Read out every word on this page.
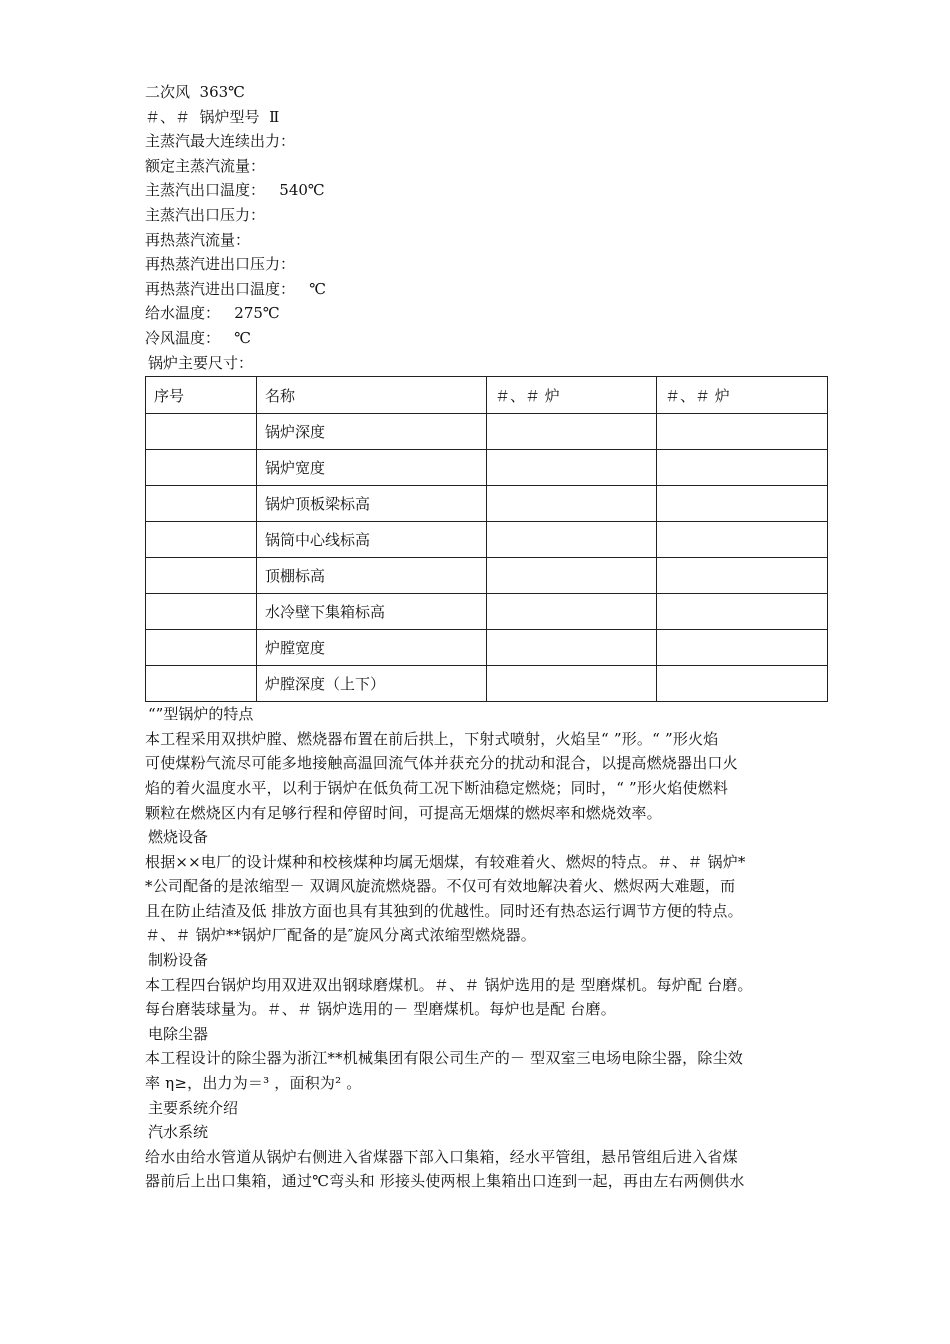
二次风  363℃
＃、＃  锅炉型号  Ⅱ
主蒸汽最大连续出力：
额定主蒸汽流量：
主蒸汽出口温度：   540℃
主蒸汽出口压力：
再热蒸汽流量：
再热蒸汽进出口压力：
再热蒸汽进出口温度：   ℃
给水温度：   275℃
冷风温度：   ℃
锅炉主要尺寸：
序号	名称	＃、＃ 炉	＃、＃ 炉
	锅炉深度		
	锅炉宽度		
	锅炉顶板梁标高		
	锅筒中心线标高		
	顶棚标高		
	水冷壁下集箱标高		
	炉膛宽度		
	炉膛深度（上下）		
“”型锅炉的特点
本工程采用双拱炉膛、燃烧器布置在前后拱上，下射式喷射，火焰呈“ ”形。“ ”形火焰
可使煤粉气流尽可能多地接触高温回流气体并获充分的扰动和混合，以提高燃烧器出口火
焰的着火温度水平，以利于锅炉在低负荷工况下断油稳定燃烧；同时，“ ”形火焰使燃料
颗粒在燃烧区内有足够行程和停留时间，可提高无烟煤的燃烬率和燃烧效率。
燃烧设备
根据××电厂的设计煤种和校核煤种均属无烟煤，有较难着火、燃烬的特点。＃、＃ 锅炉*
*公司配备的是浓缩型－ 双调风旋流燃烧器。不仅可有效地解决着火、燃烬两大难题，而
且在防止结渣及低 排放方面也具有其独到的优越性。同时还有热态运行调节方便的特点。
＃、＃ 锅炉**锅炉厂配备的是″旋风分离式浓缩型燃烧器。
制粉设备
本工程四台锅炉均用双进双出钢球磨煤机。＃、＃ 锅炉选用的是 型磨煤机。每炉配 台磨。
每台磨装球量为。＃、＃ 锅炉选用的－ 型磨煤机。每炉也是配 台磨。
电除尘器
本工程设计的除尘器为浙江**机械集团有限公司生产的－ 型双室三电场电除尘器，除尘效
率 η≥，出力为＝³ ，面积为² 。
主要系统介绍
汽水系统
给水由给水管道从锅炉右侧进入省煤器下部入口集箱，经水平管组，悬吊管组后进入省煤
器前后上出口集箱，通过℃弯头和 形接头使两根上集箱出口连到一起，再由左右两侧供水
